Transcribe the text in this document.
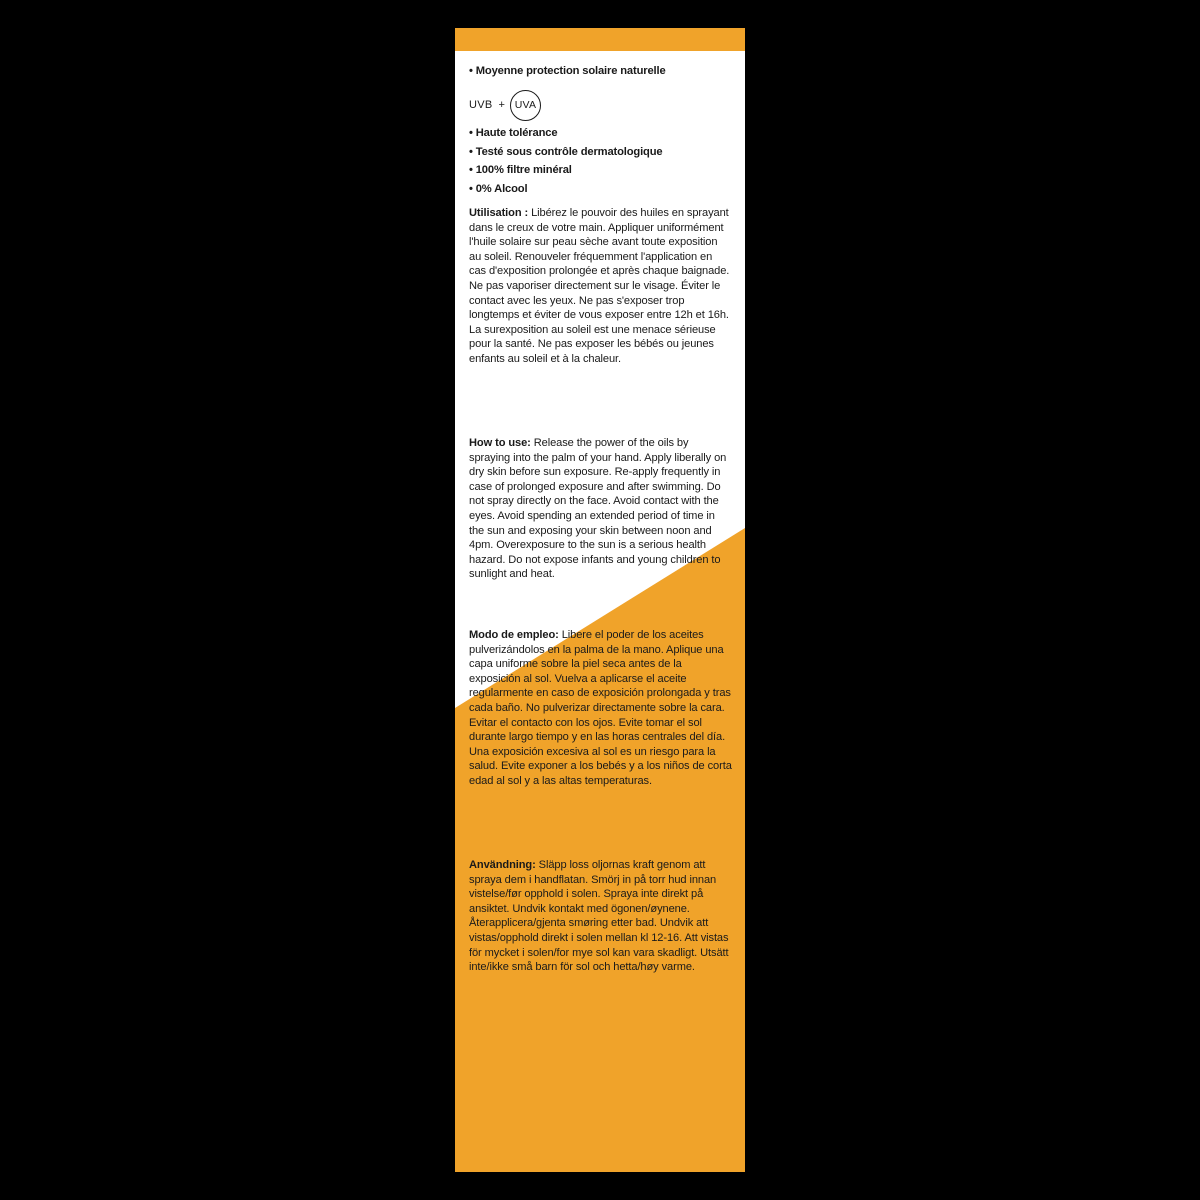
• Moyenne protection solaire naturelle
UVB + UVA
• Haute tolérance
• Testé sous contrôle dermatologique
• 100% filtre minéral
• 0% Alcool
Utilisation : Libérez le pouvoir des huiles en sprayant dans le creux de votre main. Appliquer uniformément l'huile solaire sur peau sèche avant toute exposition au soleil. Renouveler fréquemment l'application en cas d'exposition prolongée et après chaque baignade. Ne pas vaporiser directement sur le visage. Éviter le contact avec les yeux. Ne pas s'exposer trop longtemps et éviter de vous exposer entre 12h et 16h. La surexposition au soleil est une menace sérieuse pour la santé. Ne pas exposer les bébés ou jeunes enfants au soleil et à la chaleur.
How to use: Release the power of the oils by spraying into the palm of your hand. Apply liberally on dry skin before sun exposure. Re-apply frequently in case of prolonged exposure and after swimming. Do not spray directly on the face. Avoid contact with the eyes. Avoid spending an extended period of time in the sun and exposing your skin between noon and 4pm. Overexposure to the sun is a serious health hazard. Do not expose infants and young children to sunlight and heat.
Modo de empleo: Libere el poder de los aceites pulverizándolos en la palma de la mano. Aplique una capa uniforme sobre la piel seca antes de la exposición al sol. Vuelva a aplicarse el aceite regularmente en caso de exposición prolongada y tras cada baño. No pulverizar directamente sobre la cara. Evitar el contacto con los ojos. Evite tomar el sol durante largo tiempo y en las horas centrales del día. Una exposición excesiva al sol es un riesgo para la salud. Evite exponer a los bebés y a los niños de corta edad al sol y a las altas temperaturas.
Användning: Släpp loss oljornas kraft genom att spraya dem i handflatan. Smörj in på torr hud innan vistelse/før opphold i solen. Spraya inte direkt på ansiktet. Undvik kontakt med ögonen/øynene. Återapplicera/gjenta smøring etter bad. Undvik att vistas/opphold direkt i solen mellan kl 12-16. Att vistas för mycket i solen/for mye sol kan vara skadligt. Utsätt inte/ikke små barn för sol och hetta/høy varme.
